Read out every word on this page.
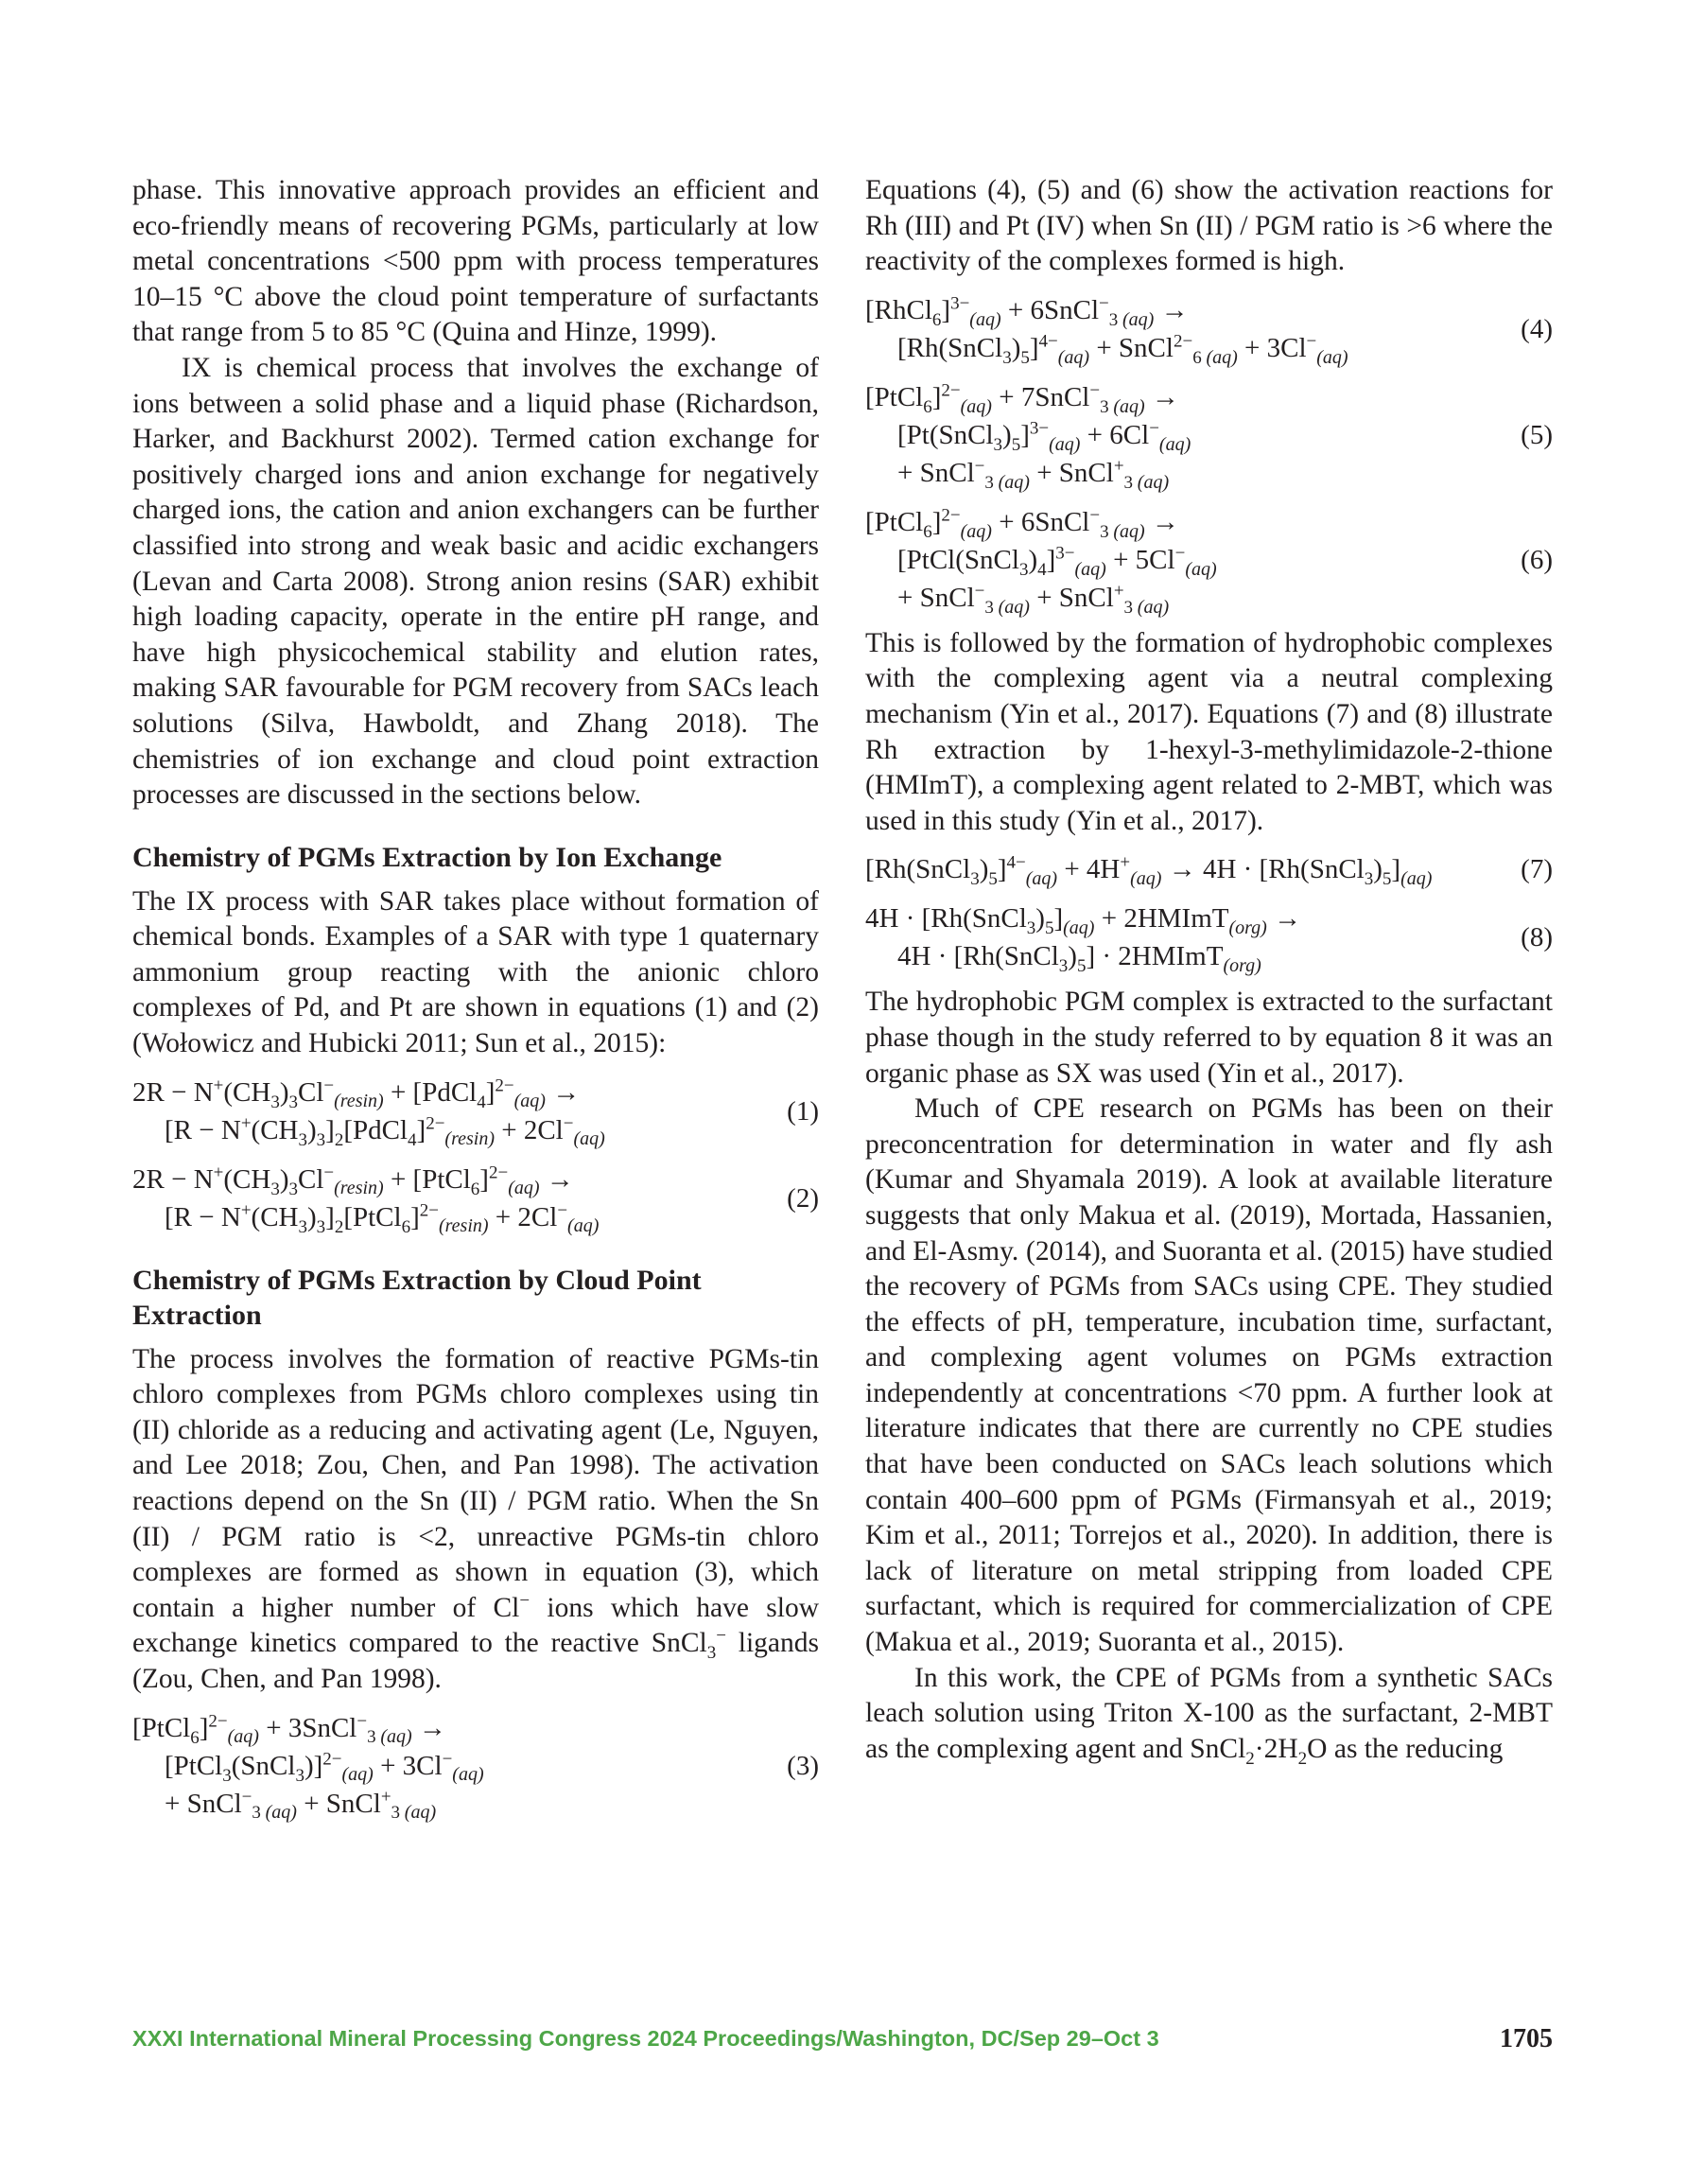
phase. This innovative approach provides an efficient and eco-friendly means of recovering PGMs, particularly at low metal concentrations <500 ppm with process temperatures 10–15 °C above the cloud point temperature of surfactants that range from 5 to 85 °C (Quina and Hinze, 1999).

IX is chemical process that involves the exchange of ions between a solid phase and a liquid phase (Richardson, Harker, and Backhurst 2002). Termed cation exchange for positively charged ions and anion exchange for negatively charged ions, the cation and anion exchangers can be further classified into strong and weak basic and acidic exchangers (Levan and Carta 2008). Strong anion resins (SAR) exhibit high loading capacity, operate in the entire pH range, and have high physicochemical stability and elution rates, making SAR favourable for PGM recovery from SACs leach solutions (Silva, Hawboldt, and Zhang 2018). The chemistries of ion exchange and cloud point extraction processes are discussed in the sections below.

Chemistry of PGMs Extraction by Ion Exchange

The IX process with SAR takes place without formation of chemical bonds. Examples of a SAR with type 1 quaternary ammonium group reacting with the anionic chloro complexes of Pd, and Pt are shown in equations (1) and (2) (Wołowicz and Hubicki 2011; Sun et al., 2015):

$2R - N^+(CH_3)_3Cl^-_{(resin)}$ + [PdCl$_4$]$^{2-}_{(aq)}$ →
$[R - N^+(CH_3)_3]_2[PdCl_4]^{2-}_{(resin)} + 2Cl^-_{(aq)}$
(1)
$2R - N^+(CH_3)_3Cl^-_{(resin)}$ + [PtCl$_6$]$^{2-}_{(aq)}$ →
$[R - N^+(CH_3)_3]_2[PtCl_6]^{2-}_{(resin)} + 2Cl^-_{(aq)}$
(2)
Chemistry of PGMs Extraction by Cloud Point Extraction

The process involves the formation of reactive PGMs-tin chloro complexes from PGMs chloro complexes using tin (II) chloride as a reducing and activating agent (Le, Nguyen, and Lee 2018; Zou, Chen, and Pan 1998). The activation reactions depend on the Sn (II) / PGM ratio. When the Sn (II) / PGM ratio is <2, unreactive PGMs-tin chloro complexes are formed as shown in equation (3), which contain a higher number of Cl− ions which have slow exchange kinetics compared to the reactive SnCl$_3$− ligands (Zou, Chen, and Pan 1998).

[PtCl$_6$]$^{2-}_{(aq)}$ + 3SnCl−$_{3 (aq)}$ →
[PtCl$_3$(SnCl$_3$)]$^{2-}_{(aq)}$ + $3Cl^-_{(aq)}$
+ SnCl−$_{3 (aq)}$ + SnCl+$_{3 (aq)}$
(3)

Equations (4), (5) and (6) show the activation reactions for Rh (III) and Pt (IV) when Sn (II) / PGM ratio is >6 where the reactivity of the complexes formed is high.

[RhCl$_6$]$^{3-}_{(aq)}$ + 6SnCl−$_{3 (aq)}$ →
$[Rh(SnCl_3)_5]^{4-}_{(aq)}$ + SnCl$^{2-}_{6 (aq)}$ + $3Cl^-_{(aq)}$
(4)
[PtCl$_6$]$^{2-}_{(aq)}$ + 7SnCl−$_{3 (aq)}$ →
$[Pt(SnCl_3)_5]^{3-}_{(aq)} + 6Cl^-_{(aq)}$
+ SnCl−$_{3 (aq)}$ + SnCl+$_{3 (aq)}$
(5)
[PtCl$_6$]$^{2-}_{(aq)}$ + 6SnCl−$_{3 (aq)}$ →
$[PtCl(SnCl_3)_4]^{3-}_{(aq)} + 5Cl^-_{(aq)}$
+ SnCl−$_{3 (aq)}$ + SnCl+$_{3 (aq)}$
(6)

This is followed by the formation of hydrophobic complexes with the complexing agent via a neutral complexing mechanism (Yin et al., 2017). Equations (7) and (8) illustrate Rh extraction by 1-hexyl-3-methylimidazole-2-thione (HMImT), a complexing agent related to 2-MBT, which was used in this study (Yin et al., 2017).

$[Rh(SnCl_3)_5]^{4-}_{(aq)} + 4H^+_{(aq)} \to 4H$ · $[Rh(SnCl_3)_5]_{(aq)}$	(7)
$4H \cdot [Rh(SnCl_3)_5]_{(aq)}$ + 2HMImT$_{(org)}$ →
$4H \cdot [Rh(SnCl_3)_5]$ · 2HMImT$_{(org)}$
(8)

The hydrophobic PGM complex is extracted to the surfactant phase though in the study referred to by equation 8 it was an organic phase as SX was used (Yin et al., 2017).

Much of CPE research on PGMs has been on their preconcentration for determination in water and fly ash (Kumar and Shyamala 2019). A look at available literature suggests that only Makua et al. (2019), Mortada, Hassanien, and El-Asmy. (2014), and Suoranta et al. (2015) have studied the recovery of PGMs from SACs using CPE. They studied the effects of pH, temperature, incubation time, surfactant, and complexing agent volumes on PGMs extraction independently at concentrations <70 ppm. A further look at literature indicates that there are currently no CPE studies that have been conducted on SACs leach solutions which contain 400–600 ppm of PGMs (Firmansyah et al., 2019; Kim et al., 2011; Torrejos et al., 2020). In addition, there is lack of literature on metal stripping from loaded CPE surfactant, which is required for commercialization of CPE (Makua et al., 2019; Suoranta et al., 2015).

In this work, the CPE of PGMs from a synthetic SACs leach solution using Triton X-100 as the surfactant, 2-MBT as the complexing agent and $SnCl_2\cdot 2H_2O$ as the reducing

XXXI International Mineral Processing Congress 2024 Proceedings/Washington, DC/Sep 29–Oct 3	1705
